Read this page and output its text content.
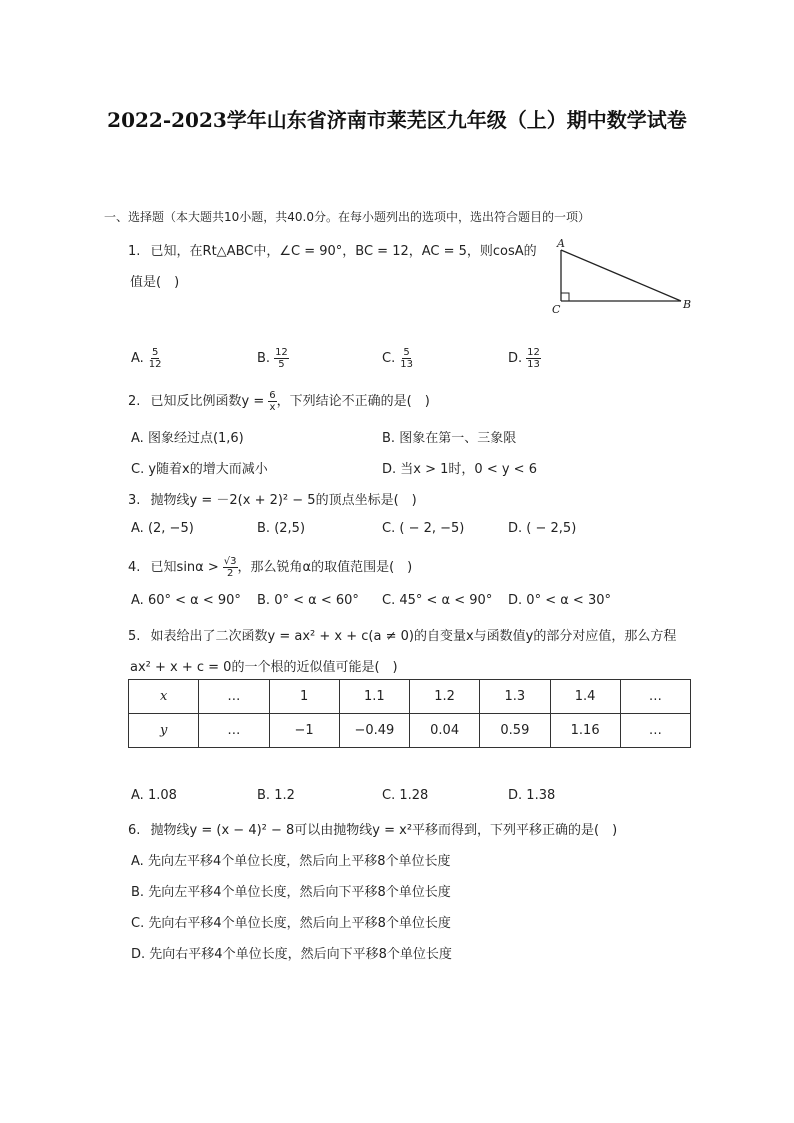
2022-2023学年山东省济南市莱芜区九年级（上）期中数学试卷
一、选择题（本大题共10小题，共40.0分。在每小题列出的选项中，选出符合题目的一项）
1. 已知，在Rt△ABC中，∠C = 90°，BC = 12，AC = 5，则cosA的
值是(　)
A
C	B
A. $\frac{5}{12}$	B. $\frac{12}{5}$	C. $\frac{5}{13}$	D. $\frac{12}{13}$
2. 已知反比例函数$y = \frac{6}{x}$ ，下列结论不正确的是(　)
A. 图象经过点(1,6)	B. 图象在第一、三象限
C. y随着x的增大而减小	D. 当x > 1时，0 < y < 6
3. 抛物线y = －2(x + 2)² − 5的顶点坐标是(　)
A. (2, −5)	B. (2,5)	C. ( − 2, −5)	D. ( − 2,5)
4. 已知$\sin\alpha > \frac{√3}{2}$ ，那么锐角α的取值范围是(　)
A. 60° < α < 90° B. 0° < α < 60° C. 45° < α < 90° D. 0° < α < 30°
5. 如表给出了二次函数y = ax² + x + c(a ≠ 0)的自变量x与函数值y的部分对应值，那么方程
ax² + x + c = 0的一个根的近似值可能是(　)
x	…	1	1.1	1.2	1.3	1.4	…
y	…	−1	−0.49	0.04	0.59	1.16	…
A. 1.08	B. 1.2	C. 1.28	D. 1.38
6. 抛物线y = (x − 4)² − 8可以由抛物线y = x²平移而得到，下列平移正确的是(　)
A. 先向左平移4个单位长度，然后向上平移8个单位长度
B. 先向左平移4个单位长度，然后向下平移8个单位长度
C. 先向右平移4个单位长度，然后向上平移8个单位长度
D. 先向右平移4个单位长度，然后向下平移8个单位长度
